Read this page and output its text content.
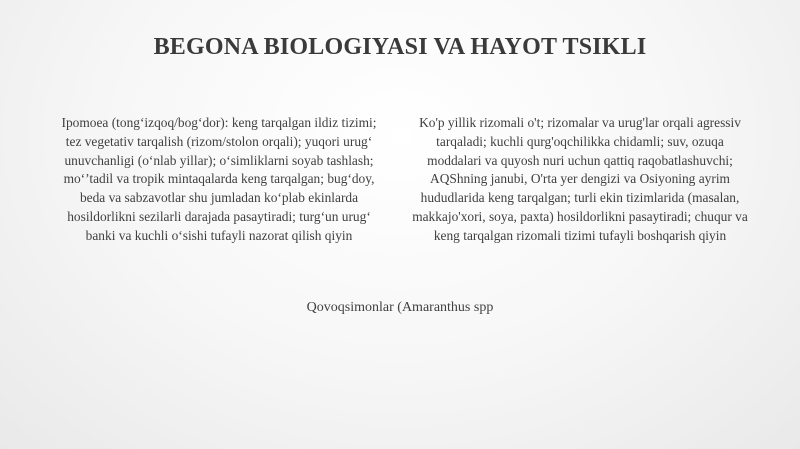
BEGONA BIOLOGIYASI VA HAYOT TSIKLI
Ipomoea (tong‘izqoq/bog‘dor): keng tarqalgan ildiz tizimi; tez vegetativ tarqalish (rizom/stolon orqali); yuqori urug‘ unuvchanligi (o‘nlab yillar); o‘simliklarni soyab tashlash; mo‘’tadil va tropik mintaqalarda keng tarqalgan; bug‘doy, beda va sabzavotlar shu jumladan ko‘plab ekinlarda hosildorlikni sezilarli darajada pasaytiradi; turg‘un urug‘ banki va kuchli o‘sishi tufayli nazorat qilish qiyin
Ko'p yillik rizomali o't; rizomalar va urug'lar orqali agressiv tarqaladi; kuchli qurg'oqchilikka chidamli; suv, ozuqa moddalari va quyosh nuri uchun qattiq raqobatlashuvchi; AQShning janubi, O'rta yer dengizi va Osiyoning ayrim hududlarida keng tarqalgan; turli ekin tizimlarida (masalan, makkajo'xori, soya, paxta) hosildorlikni pasaytiradi; chuqur va keng tarqalgan rizomali tizimi tufayli boshqarish qiyin
Qovoqsimonlar (Amaranthus spp
